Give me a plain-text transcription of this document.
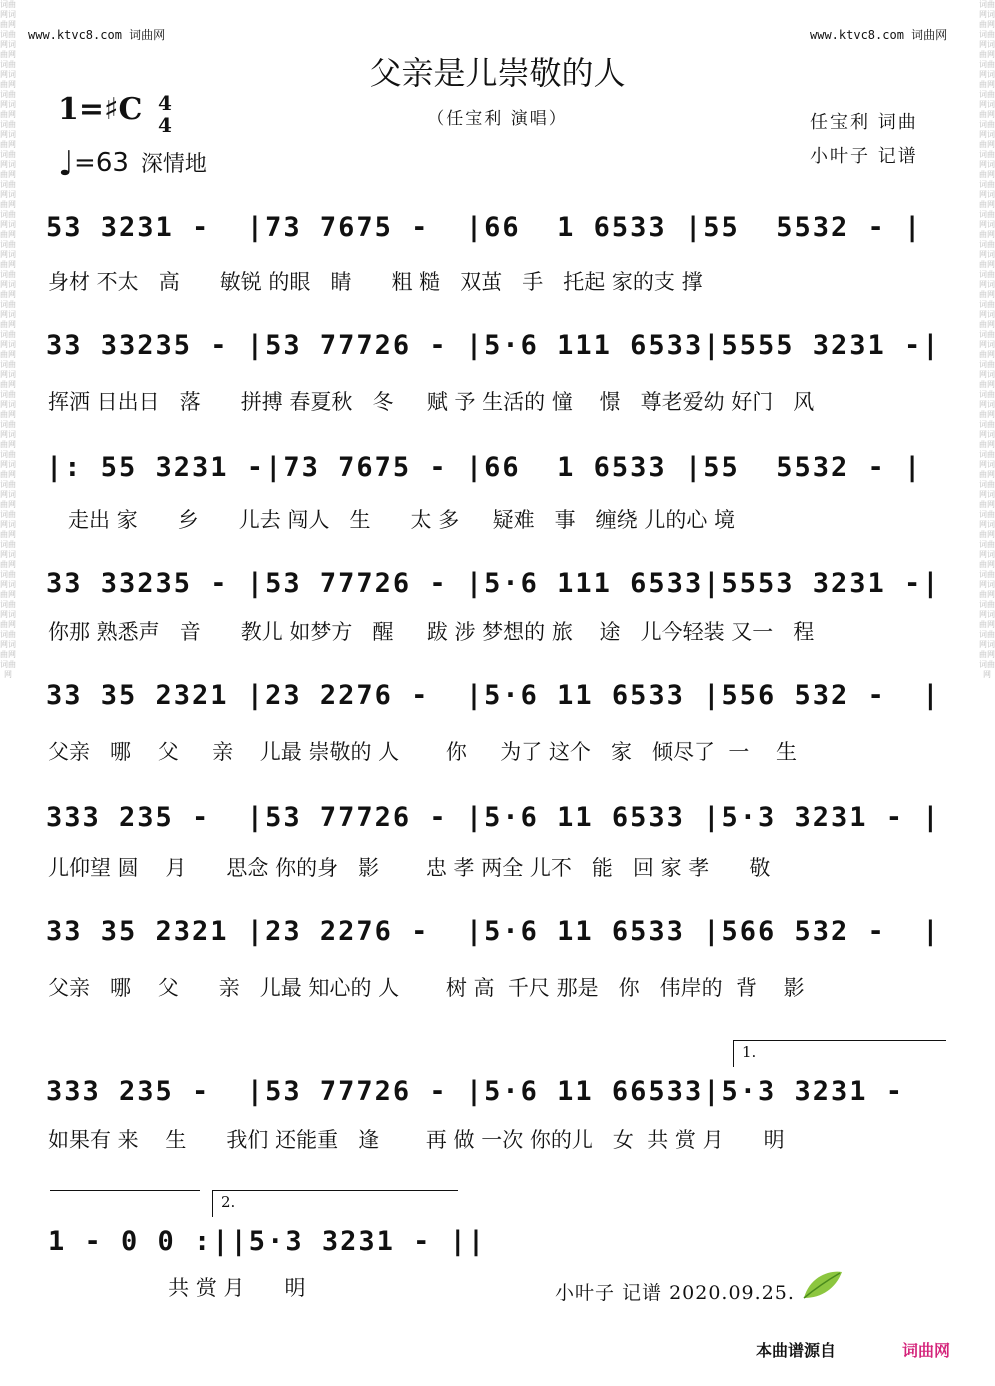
词曲网词曲网词曲网词曲网词曲网词曲网词曲网词曲网词曲网词曲网词曲网词曲网词曲网词曲网词曲网词曲网词曲网词曲网词曲网词曲网词曲网词曲网词曲网词曲网词曲网词曲网词曲网词曲网词曲网词曲网词曲网词曲网词曲网词曲网词曲网词曲网词曲网词曲网词曲网词曲网词曲网词曲网词曲网词曲网词曲网
词曲网词曲网词曲网词曲网词曲网词曲网词曲网词曲网词曲网词曲网词曲网词曲网词曲网词曲网词曲网词曲网词曲网词曲网词曲网词曲网词曲网词曲网词曲网词曲网词曲网词曲网词曲网词曲网词曲网词曲网词曲网词曲网词曲网词曲网词曲网词曲网词曲网词曲网词曲网词曲网词曲网词曲网词曲网词曲网词曲网
www.ktvc8.com 词曲网	www.ktvc8.com 词曲网
父亲是儿崇敬的人
（任宝利 演唱）
1=♯C 4
4
♩=63 深情地
任宝利 词曲
小叶子 记谱
53 3231 -  |73 7675 -  |66  1 6533 |55  5532 - |
身材 不太   高      敏锐 的眼   睛      粗 糙   双茧   手   托起 家的支 撑
33 33235 - |53 77726 - |5·6 111 6533|5555 3231 -|
挥洒 日出日   落      拼搏 春夏秋   冬     赋 予 生活的 憧    憬   尊老爱幼 好门   风
|: 55 3231 -|73 7675 - |66  1 6533 |55  5532 - |
走出 家      乡      儿去 闯人   生      太 多     疑难   事   缠绕 儿的心 境
33 33235 - |53 77726 - |5·6 111 6533|5553 3231 -|
你那 熟悉声   音      教儿 如梦方   醒     跋 涉 梦想的 旅    途   儿今轻装 又一   程
33 35 2321 |23 2276 -  |5·6 11 6533 |556 532 -  |
父亲   哪    父     亲    儿最 崇敬的 人       你     为了 这个   家   倾尽了  一    生
333 235 -  |53 77726 - |5·6 11 6533 |5·3 3231 - |
儿仰望 圆    月      思念 你的身   影       忠 孝 两全 儿不   能   回 家 孝      敬
33 35 2321 |23 2276 -  |5·6 11 6533 |566 532 -  |
父亲   哪    父      亲   儿最 知心的 人       树 高  千尺 那是   你   伟岸的  背    影
1.
333 235 -  |53 77726 - |5·6 11 66533|5·3 3231 -
如果有 来    生      我们 还能重   逢       再 做 一次 你的儿   女  共 赏 月      明
2.
1 - 0 0 :||5·3 3231 - ||
共 赏 月      明	小叶子 记谱 2020.09.25.
本曲谱源自	词曲网
